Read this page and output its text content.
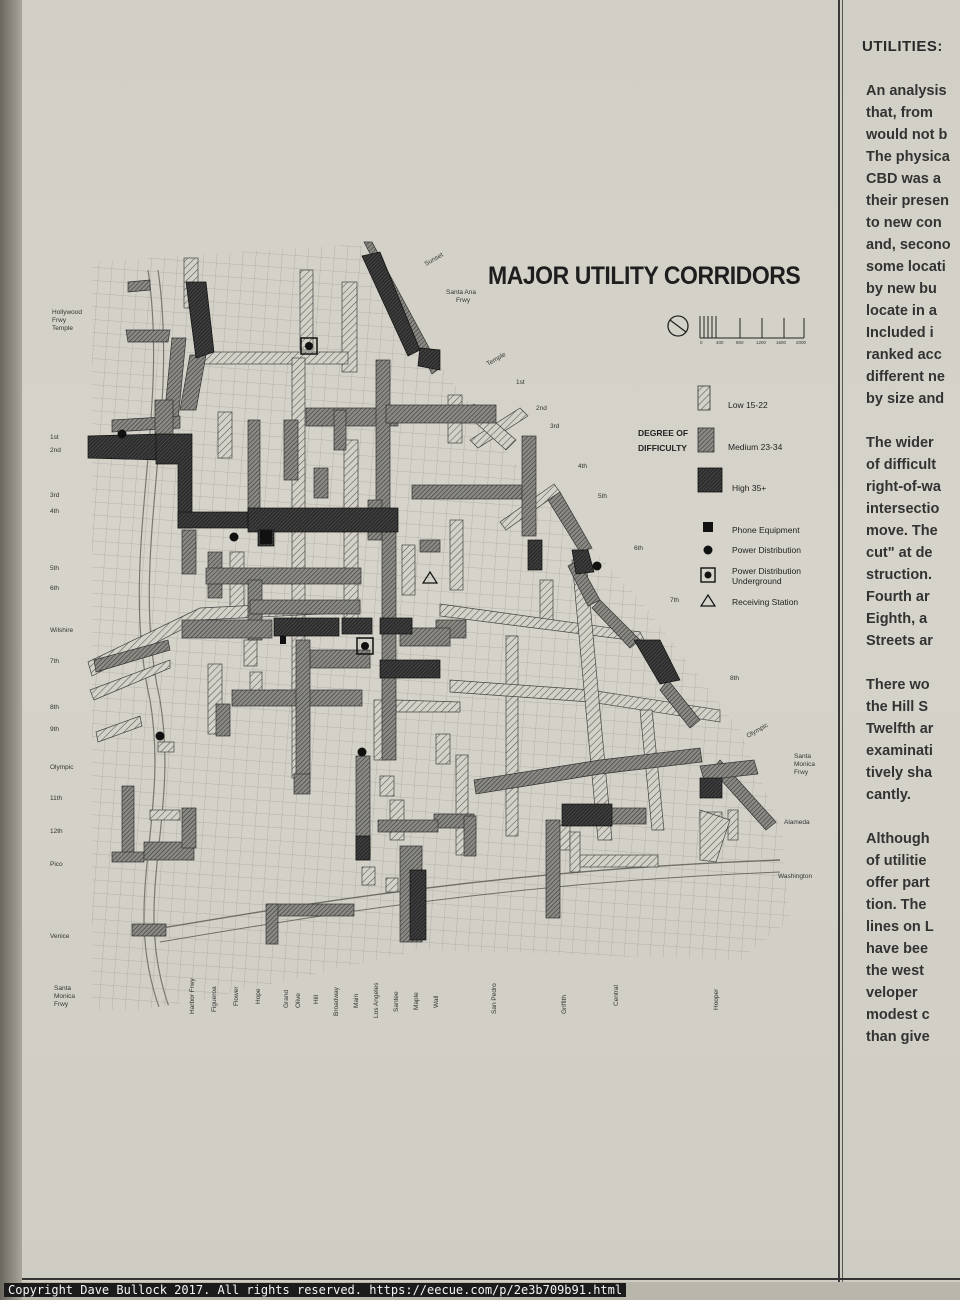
Hollywood
Frwy
Temple
1st
2nd
3rd
4th
5th
6th
Wilshire
7th
8th
9th
Olympic
11th
12th
Pico
Venice
Santa
Monica
Frwy
Sunset
Santa Ana
Frwy
Temple
1st
2nd
3rd
4th
5th
6th
7th
8th
Olympic
Santa
Monica
Frwy
Alameda
Washington
Harbor Frwy Figueroa Flower Hope	Grand Olive Hill Broadway Main Los Angeles Santee Maple Wall	San Pedro	Griffith	Central	Hooper
0	400	800	1200 1600 2000
DEGREE OF
DIFFICULTY
Low 15-22
Medium 23-34
High 35+
Phone Equipment
Power Distribution
Power Distribution
Underground
Receiving Station
MAJOR UTILITY CORRIDORS
UTILITIES:

An analysis
that, from
would not b
The physica
CBD was a
their presen
to new con
and, secono
some locati
by new bu
locate in a
Included i
ranked acc
different ne
by size and

The wider
of difficult
right-of-wa
intersectio
move. The
cut" at de
struction.
Fourth ar
Eighth, a
Streets ar

There wo
the Hill S
Twelfth ar
examinati
tively sha
cantly.

Although
of utilitie
offer part
tion. The
lines on L
have bee
the west
veloper
modest c
than give

Copyright Dave Bullock 2017. All rights reserved. https://eecue.com/p/2e3b709b91.html
